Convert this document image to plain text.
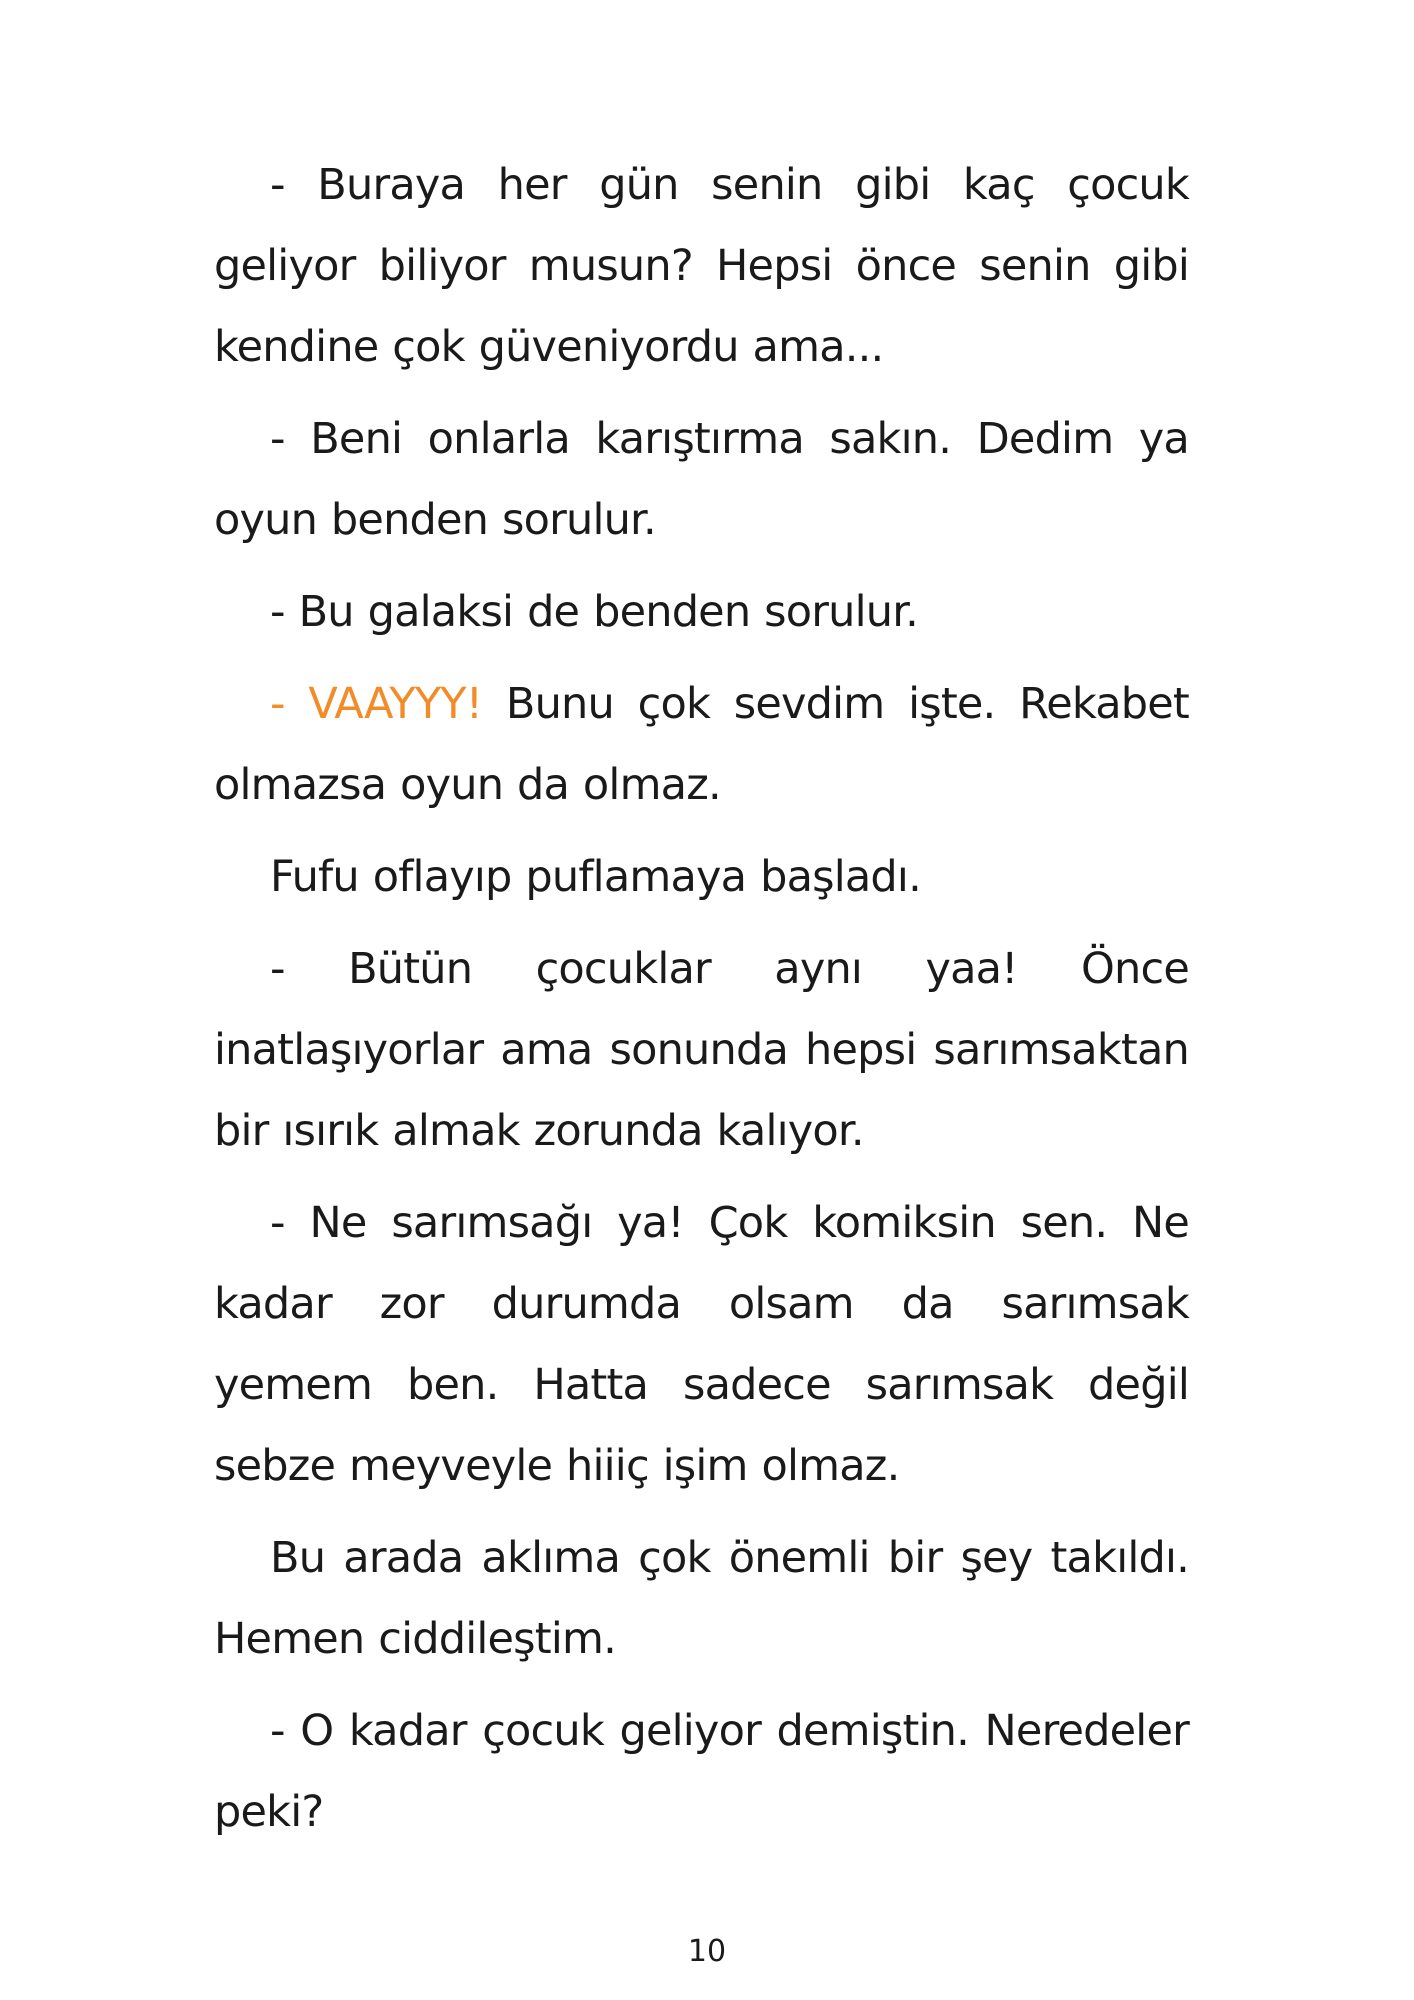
- Buraya her gün senin gibi kaç çocuk geliyor biliyor musun? Hepsi önce senin gibi kendine çok güveniyordu ama...

- Beni onlarla karıştırma sakın. Dedim ya oyun benden sorulur.

- Bu galaksi de benden sorulur.

- VAAYYY! Bunu çok sevdim işte. Rekabet olmazsa oyun da olmaz.

Fufu oflayıp puflamaya başladı.

- Bütün çocuklar aynı yaa! Önce inatlaşıyorlar ama sonunda hepsi sarımsaktan bir ısırık almak zorunda kalıyor.

- Ne sarımsağı ya! Çok komiksin sen. Ne kadar zor durumda olsam da sarımsak yemem ben. Hatta sadece sarımsak değil sebze meyveyle hiiiç işim olmaz.

Bu arada aklıma çok önemli bir şey takıldı. Hemen ciddileştim.

- O kadar çocuk geliyor demiştin. Neredeler peki?

10
